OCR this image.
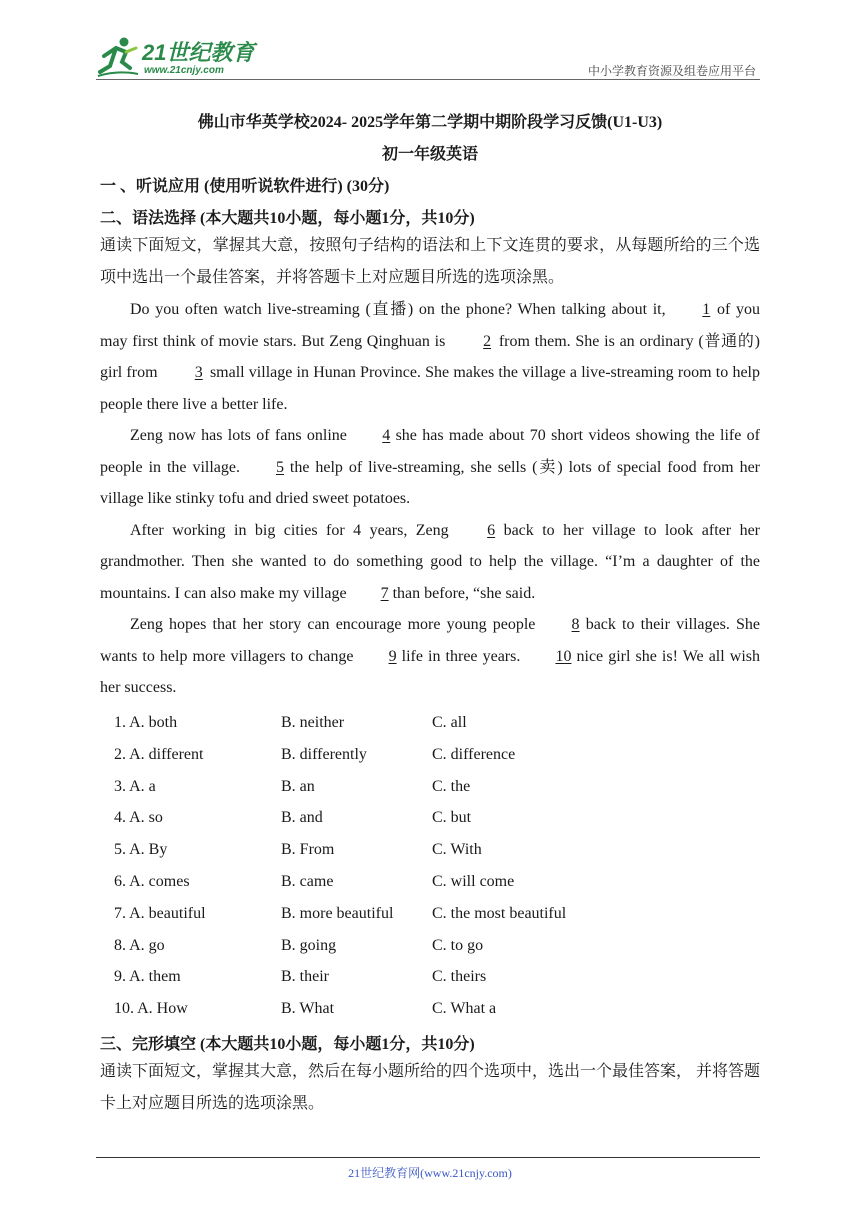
21世纪教育
www.21cnjy.com	中小学教育资源及组卷应用平台
佛山市华英学校2024- 2025学年第二学期中期阶段学习反馈(U1-U3)
初一年级英语
一 、听说应用 (使用听说软件进行) (30分)
二、语法选择 (本大题共10小题，每小题1分，共10分)

通读下面短文，掌握其大意，按照句子结构的语法和上下文连贯的要求，从每题所给的三个选项中选出一个最佳答案，并将答题卡上对应题目所选的选项涂黑。

Do you often watch live-streaming (直播) on the phone? When talking about it, 1 of you may first think of movie stars. But Zeng Qinghuan is 2 from them. She is an ordinary (普通的) girl from 3 small village in Hunan Province. She makes the village a live-streaming room to help people there live a better life.

Zeng now has lots of fans online 4 she has made about 70 short videos showing the life of people in the village. 5 the help of live-streaming, she sells (卖) lots of special food from her village like stinky tofu and dried sweet potatoes.

After working in big cities for 4 years, Zeng 6 back to her village to look after her grandmother. Then she wanted to do something good to help the village. “I’m a daughter of the mountains. I can also make my village 7 than before, “she said.

Zeng hopes that her story can encourage more young people 8 back to their villages. She wants to help more villagers to change 9 life in three years. 10 nice girl she is! We all wish her success.

1. A. both	B. neither	C. all
2. A. different	B. differently	C. difference
3. A. a	B. an	C. the
4. A. so	B. and	C. but
5. A. By	B. From	C. With
6. A. comes	B. came	C. will come
7. A. beautiful	B. more beautiful C. the most beautiful
8. A. go	B. going	C. to go
9. A. them	B. their	C. theirs
10. A. How	B. What	C. What a
三、完形填空 (本大题共10小题，每小题1分，共10分)

通读下面短文，掌握其大意，然后在每小题所给的四个选项中，选出一个最佳答案， 并将答题卡上对应题目所选的选项涂黑。

21世纪教育网(www.21cnjy.com)
